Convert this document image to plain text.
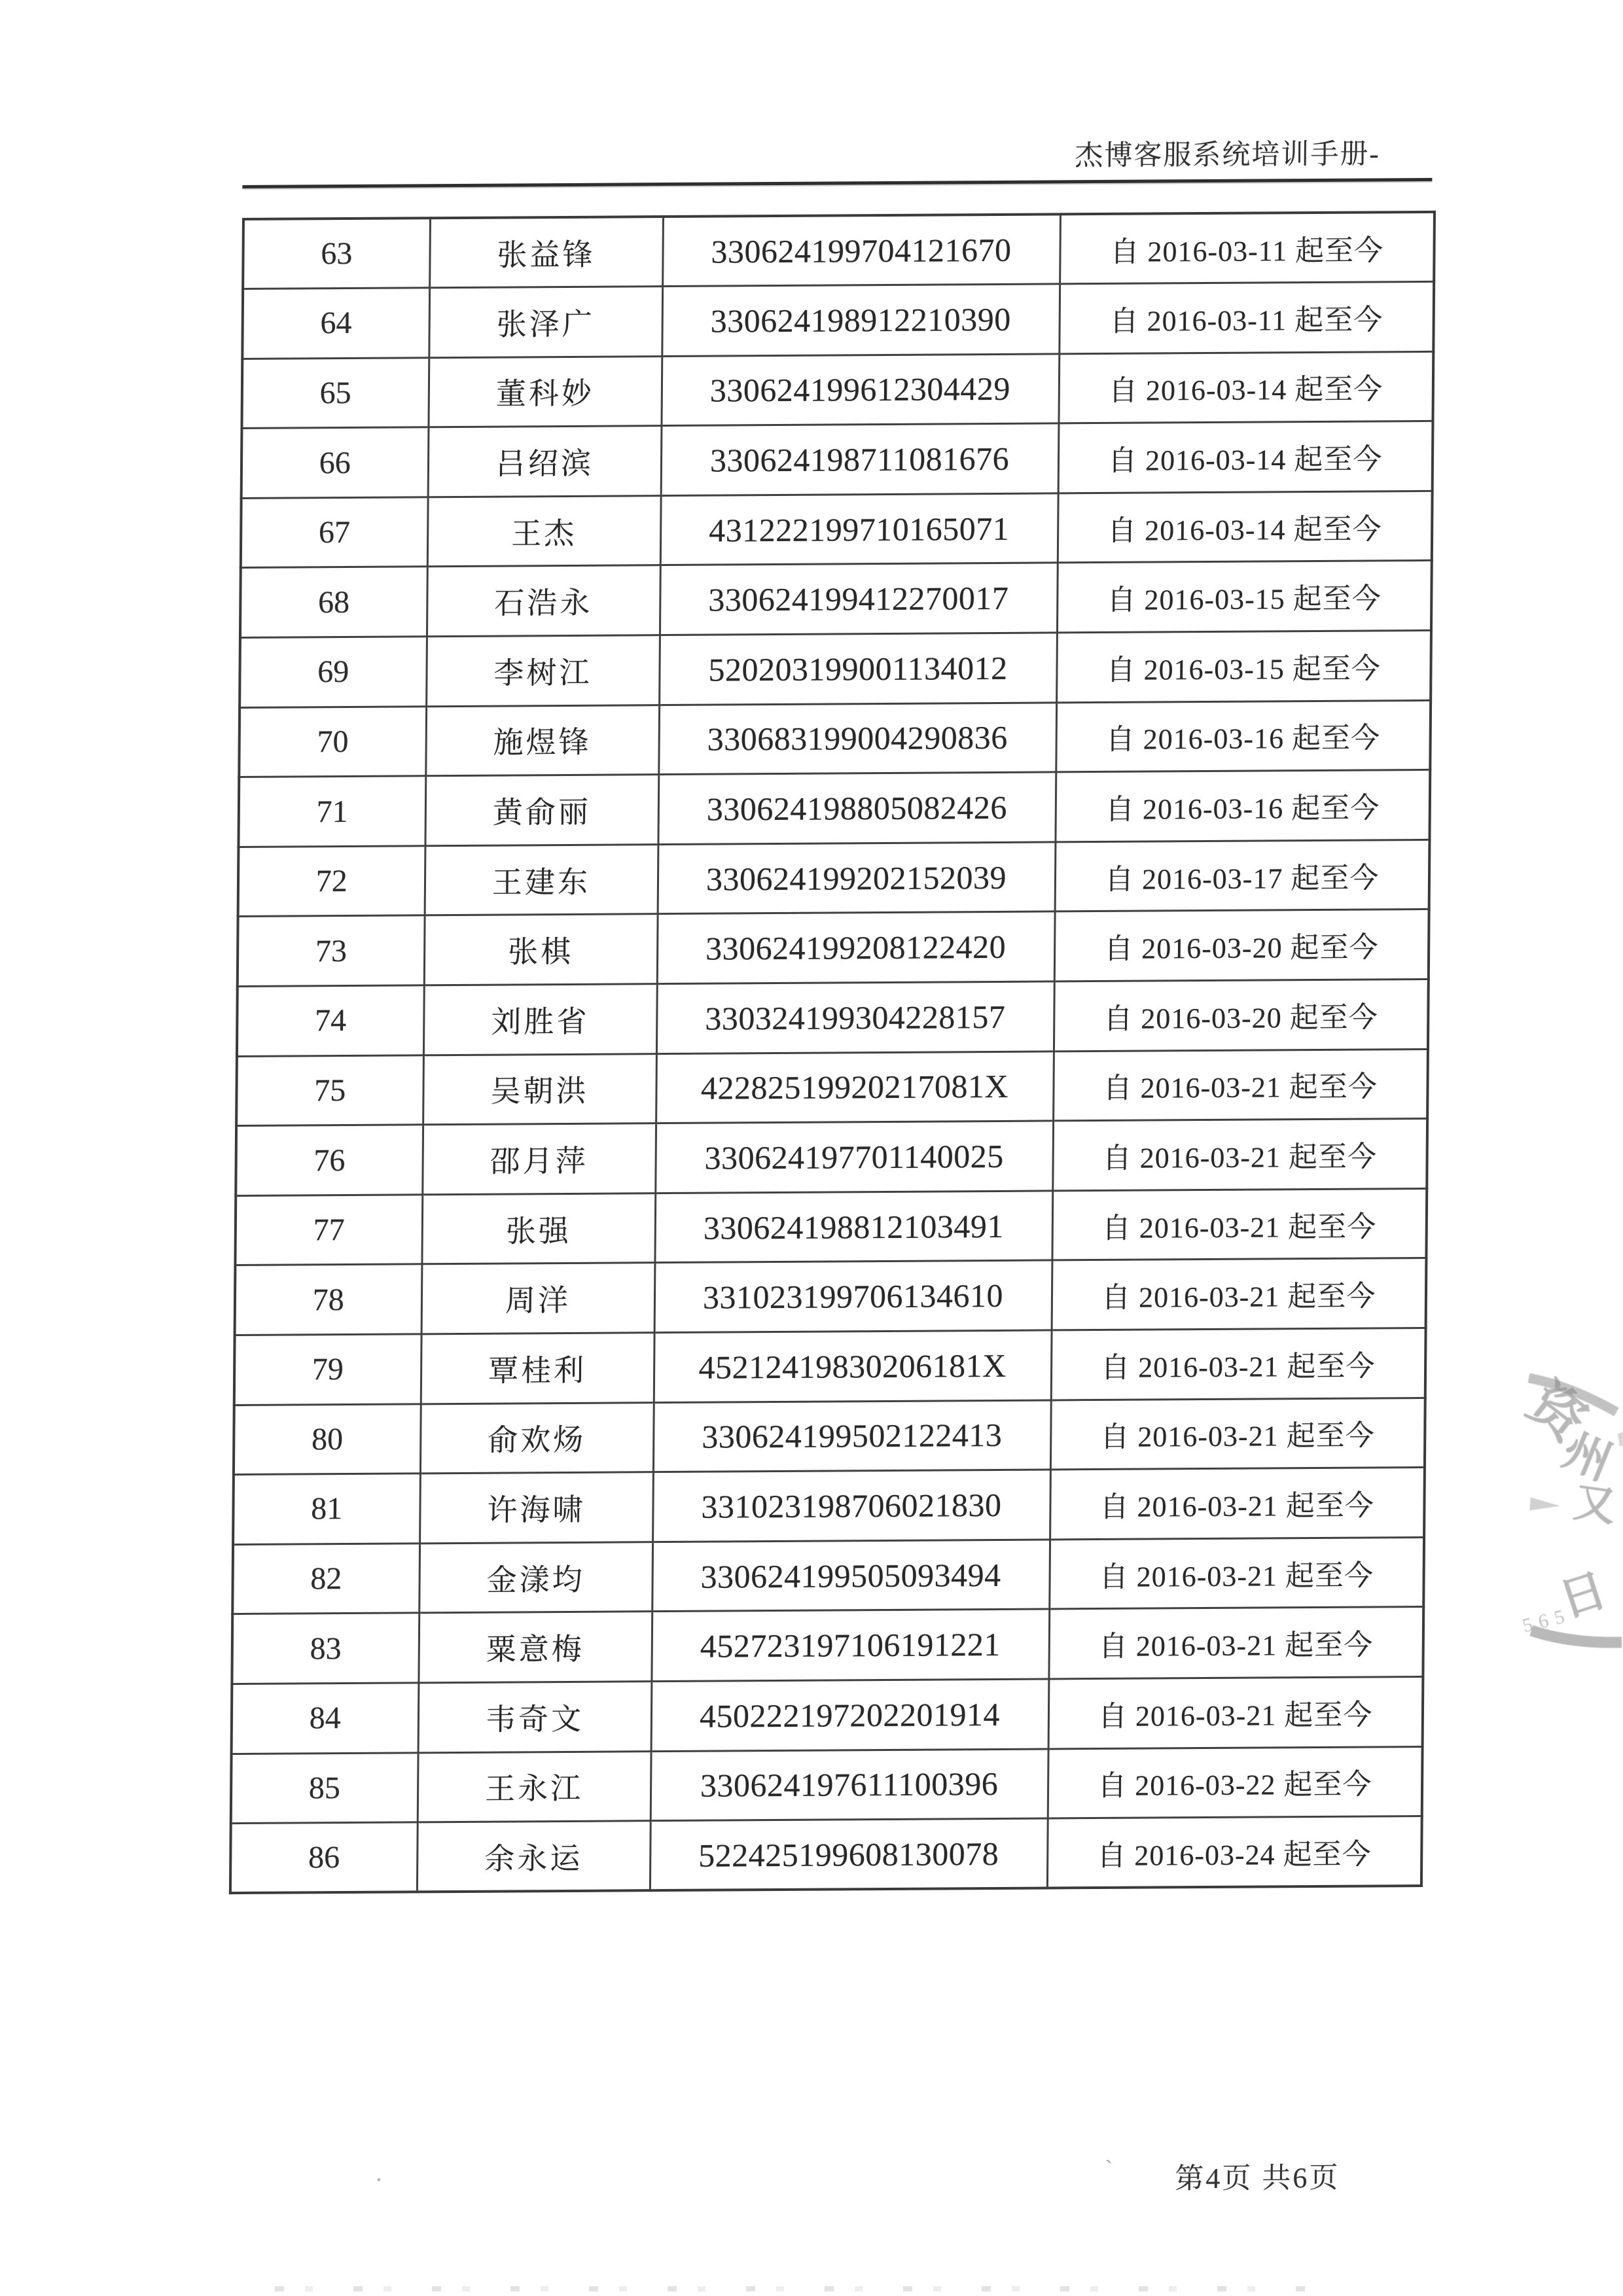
杰博客服系统培训手册-
63	张益锋	330624199704121670	自 2016-03-11 起至今
64	张泽广	330624198912210390	自 2016-03-11 起至今
65	董科妙	330624199612304429	自 2016-03-14 起至今
66	吕绍滨	330624198711081676	自 2016-03-14 起至今
67	王杰	431222199710165071	自 2016-03-14 起至今
68	石浩永	330624199412270017	自 2016-03-15 起至今
69	李树江	520203199001134012	自 2016-03-15 起至今
70	施煜锋	330683199004290836	自 2016-03-16 起至今
71	黄俞丽	330624198805082426	自 2016-03-16 起至今
72	王建东	330624199202152039	自 2016-03-17 起至今
73	张棋	330624199208122420	自 2016-03-20 起至今
74	刘胜省	330324199304228157	自 2016-03-20 起至今
75	吴朝洪	42282519920217081X	自 2016-03-21 起至今
76	邵月萍	330624197701140025	自 2016-03-21 起至今
77	张强	330624198812103491	自 2016-03-21 起至今
78	周洋	331023199706134610	自 2016-03-21 起至今
79	覃桂利	45212419830206181X	自 2016-03-21 起至今
80	俞欢炀	330624199502122413	自 2016-03-21 起至今
81	许海啸	331023198706021830	自 2016-03-21 起至今
82	金漾均	330624199505093494	自 2016-03-21 起至今
83	粟意梅	452723197106191221	自 2016-03-21 起至今
84	韦奇文	450222197202201914	自 2016-03-21 起至今
85	王永江	330624197611100396	自 2016-03-22 起至今
86	余永运	522425199608130078	自 2016-03-24 起至今
第4页 共6页
`
资
州
又
日
565
